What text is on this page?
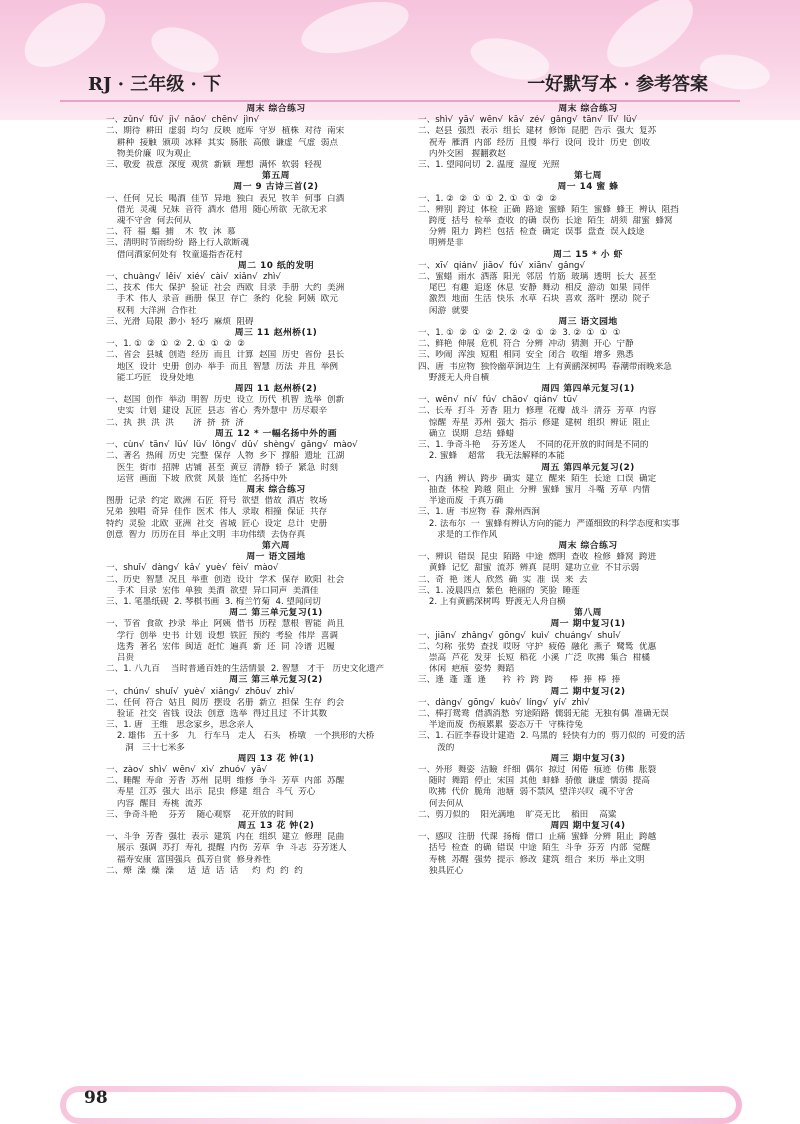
RJ · 三年级 · 下	一好默写本 · 参考答案
周末 综合练习
一、zǔn√  fǔ√  jì√  nǎo√  chēn√  jìn√
二、期待  耕田  虚弱  均匀  反映  庭库  守岁  植株  对待  南宋
耕种  接触  颁项  冰释  其实  肠胀  高傲  谦虚  气虚  弱点
物美价廉  叹为观止
三、敬爱  祓意  深度  观赏  新颖  理想  满怀  软弱  轻视
第五周
周一 9 古诗三首(2)
一、任何  兄长  喝酒  佳节  异地  独白  表兄  牧羊  何事  白酒
借光  灵魂  兄妹  音符  酒水  借用  随心所欲  无欲无求
魂不守舍  何去何从
二、符  福  蝠  捕    木  牧  沐  慕
三、清明时节雨纷纷  路上行人欲断魂
借问酒家何处有  牧童遥指杏花村
周二 10 纸的发明
一、chuàng√  lěi√  xié√  cài√  xiǎn√  zhì√
二、技术  伟大  保护  验证  社会  西欧  目录  手册  大约  美洲
手术  伟人  录音  画册  保卫  存亡  条约  化验  阿姨  欧元
权利  大洋洲  合作社
三、光滑  局限  渺小  轻巧  麻烦  阻碍
周三 11 赵州桥(1)
一、1. ①  ②  ①  ②  2. ①  ①  ②  ②
二、省会  县城  创造  经历  而且  计算  赵国  历史  省份  县长
地区  设计  史册  创办  举手  而且  智慧  历法  并且  举例
能工巧匠   设身处地
周四 11 赵州桥(2)
一、赵国  创作  举动  明智  历史  设立  历代  机智  选举  创新
史实  计划  建设  瓦匠  县志  省心  秀外慧中  历尽艰辛
二、执  拱  洪  洪       济  挤  挤  济
周五 12 * 一幅名扬中外的画
一、cùn√  tān√  lǚ√  lǜ√  lǒng√  dǔ√  shèng√  gǎng√  mào√
二、著名  热闹  历史  完整  保存  人物  乡下  撑船  遗址  江湖
医生  街市  招牌  店铺  甚至  黄豆  清静  轿子  紧急  时刻
运营  画面  下坡  欣赏  风景  连忙  名扬中外
周末 综合练习
图册  记录  约定  欧洲  石匠  符号  欲望  借故  酒店  牧场
兄弟  独唱  奇异  佳作  医术  伟人  录取  相撞  保证  共存
特约  灵验  北欧  亚洲  社交  省城  匠心  设定  总计  史册
创意  智力  历历在目  举止文明  丰功伟绩  去伪存真
第六周
周一 语文园地
一、shuǐ√  dàng√  kǎ√  yuè√  fèi√  mào√
二、历史  智慧  况且  举重  创造  设计  学术  保存  欧阳  社会
手术  目录  宏伟  单独  美酒  欲望  异口同声  美酒佳
三、1. 笔墨纸砚  2. 琴棋书画  3. 梅兰竹菊  4. 望闻问切
周二 第三单元复习(1)
一、节省  食欲  抄录  举止  阿姨  借书  历程  慧根  智能  尚且
学行  创举  史书  计划  设想  铁匠  预约  考验  伟岸  喜调
选秀  著名  宏伟  闽适  赶忙  遍真  新  还  同  冷谱  迟履
吕贵
二、1. 八九百    当时普通百姓的生活情景  2. 智慧   才干   历史文化遗产
周三 第三单元复习(2)
一、chún√  shuǐ√  yuè√  xiǎng√  zhōu√  zhì√
二、任何  符合  姑且  阅历  摆设  名册  新立  担保  生存  约会
验证  社交  省钱  设法  创意  选举  得过且过  不计其数
三、1. 唐   王维   思念家乡，思念亲人
2. 雄伟   五十多   九   行车马   走人   石头   桥墩   一个拱形的大桥
洞   三十七米多
周四 13 花 钟(1)
一、zào√  shì√  wēn√  xì√  zhuó√  yā√
二、睡醒  寿命  芳香  苏州  昆明  维修  争斗  芳草  内部  苏醒
寿星  江苏  强大  出示  昆虫  修建  组合  斗气  芳心
内容  醒目  寿桃  流苏
三、争奇斗艳    芬芳    随心观察    花开放的时间
周五 13 花 钟(2)
一、斗争  芳香  强壮  表示  建筑  内在  组织  建立  修理  昆曲
展示  强调  苏打  寿礼  提醒  内伤  芳草  争  斗志  芬芳迷人
福寿安康  富国强兵  孤芳自赏  修身养性
二、燎  澡  燥  澡     适  适  话  话     灼  灼  约  约
周末 综合练习
一、shì√  yā√  wēn√  kā√  zé√  gǎng√  tān√  lǐ√  lǚ√
二、赵县  强烈  表示  组长  建材  修饰  昆肥  告示  强大  复苏
祝寿  雁洒  内部  经历  且慢  举行  设问  设计  历史  创收
内外交困   握翻救赵
三、1. 望闻问切  2. 温度  湿度  光照
第七周
周一 14 蜜 蜂
一、1. ②  ②  ①  ①  2. ①  ①  ②  ②
二、辨别  跨过  体检  正确  路途  蜜蜂  陌生  蜜蜂  蜂王  辨认  阻挡
跨度  括号  检举  查收  的确  误伤  长途  陌生  胡须  甜蜜  蜂窝
分辨  阻力  跨栏  包括  检查  确定  误事  盘查  误入歧途
明辨是非
周二 15 * 小 虾
一、xī√  qián√  jiāo√  fú√  xiān√  gǎng√
二、蜜蜡  雨水  洒落  阳光  邻居  竹筋  玻璃  透明  长大  甚至
尾巴  有趣  追逐  休息  安静  舞动  相反  游动  如果  同伴
激烈  地面  生活  快乐  水草  石块  喜欢  落叶  摆动  院子
闲游  就要
周三 语文园地
一、1. ①  ②  ①  ②  2. ②  ②  ①  ②  3. ②  ①  ①  ①
二、鲜艳  伸展  危机  符合  分辨  冲动  猜测  开心  宁静
三、吵闹  浑浊  短粗  相同  安全  闭合  收缩  增多  熟悉
四、唐  韦应物  独怜幽草涧边生  上有黄鹂深树鸣  春潮带雨晚来急
野渡无人舟自横
周四 第四单元复习(1)
一、wēn√  ní√  fú√  chāo√  qián√  tū√
二、长寿  打斗  芳香  阻力  修理  花瓣  战斗  清芬  芳草  内容
惊醒  寿星  苏州  强大  指示  修建  建树  组织  辨证  阻止
确立  误期  总结  蜂蜡
三、1. 争奇斗艳    芬芳迷人    不同的花开放的时间是不同的
2. 蜜蜂    超常    我无法解释的本能
周五 第四单元复习(2)
一、内涵  辨认  跨步  确实  建立  醒来  陌生  长途  口误  确定
抽查  体检  跨越  阻止  分辨  蜜蜂  蜜月  斗嘴  芳草  内情
半途而废  千真万确
三、1. 唐  韦应物  春  滁州西涧
2. 法布尔  一  蜜蜂有辨认方向的能力  严谨细致的科学态度和实事
求是的工作作风
周末 综合练习
一、辨识  错误  昆虫  陌路  中途  燃明  查收  检修  蜂窝  跨进
黄蜂  记忆  甜蜜  流苏  辨真  昆明  建功立业  不甘示弱
二、奇  艳  迷人  欣然  确  实  准  误  来  去
三、1. 凌晨四点  紫色  艳丽的  笑脸  睡莲
2. 上有黄鹂深树鸣  野渡无人舟自横
第八周
周一 期中复习(1)
一、jiān√  zhǎng√  gōng√  kuì√  chuáng√  shuǐ√
二、匀称  张势  查找  哎呀  守护  疲倦  融化  燕子  鹭鸶  优惠
崇高  芦花  发芽  长短  稻花  小溪  广泛  吹拂  集合  柑橘
休闲  疤痕  姿势  舞蹈
三、逢  蓬  蓬  逢      衿  衿  跨  跨      棒  捧  棒  捧
周二 期中复习(2)
一、dàng√  gōng√  kuò√  líng√  yí√  zhì√
二、棒打鸳鸯  借酒消愁  穷途陌路  儒弱无能  无独有偶  准确无误
半途而废  伤痕累累  姿态万千  守株待兔
三、1. 石匠李春设计建造  2. 鸟黑的  轻快有力的  剪刀似的  可爱的活
泼的
周三 期中复习(3)
一、外形  舞姿  洁瞼  纤细  偶尔  掠过  闲倦  痕迹  仿佛  胀裂
随时  舞蹈  停止  宋国  其他  蚌蜂  骄傲  谦虚  懦弱  提高
吹拂  代价  脆角  池塘  弱不禁风  望洋兴叹  魂不守舍
何去何从
二、剪刀似的    阳光满地    旷亮无比    稻田    高粱
周四 期中复习(4)
一、感叹  注册  代课  扬梅  借口  止痛  蜜蜂  分辨  阻止  跨越
括号  检查  的确  错误  中途  陌生  斗争  芬芳  内部  觉醒
寿桃  苏醒  强势  提示  修改  建筑  组合  来历  举止文明
独具匠心
98
